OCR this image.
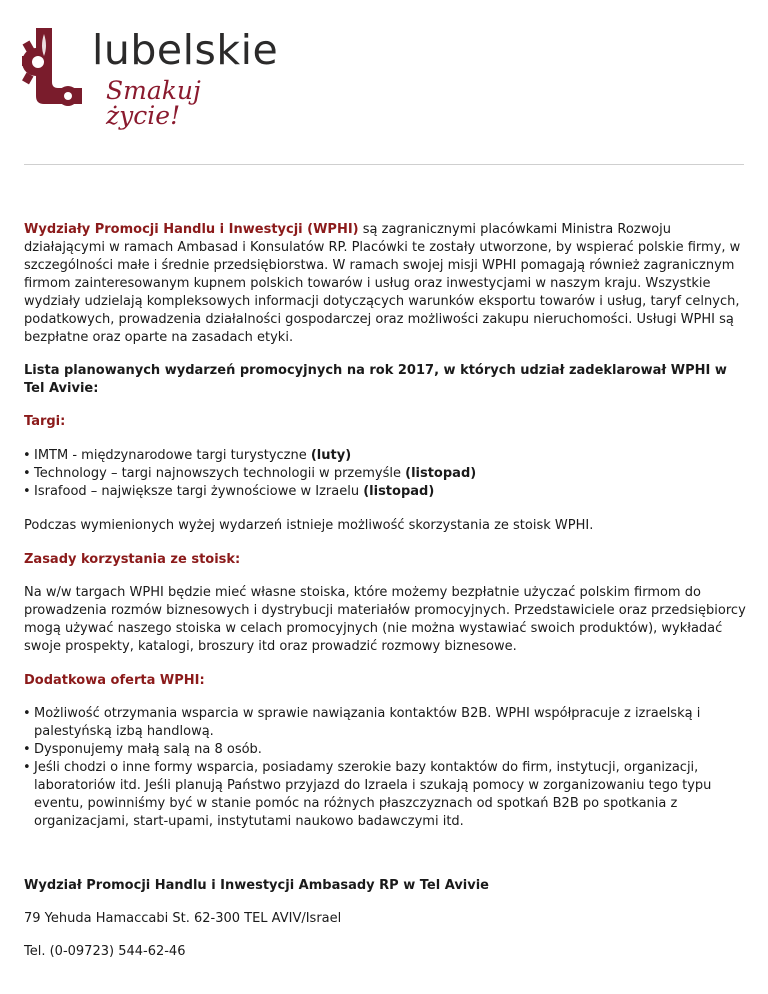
lubelskie
Smakuj życie!

Wydziały Promocji Handlu i Inwestycji (WPHI) są zagranicznymi placówkami Ministra Rozwoju działającymi w ramach Ambasad i Konsulatów RP. Placówki te zostały utworzone, by wspierać polskie firmy, w szczególności małe i średnie przedsiębiorstwa. W ramach swojej misji WPHI pomagają również zagranicznym firmom zainteresowanym kupnem polskich towarów i usług oraz inwestycjami w naszym kraju. Wszystkie wydziały udzielają kompleksowych informacji dotyczących warunków eksportu towarów i usług, taryf celnych, podatkowych, prowadzenia działalności gospodarczej oraz możliwości zakupu nieruchomości. Usługi WPHI są bezpłatne oraz oparte na zasadach etyki.

Lista planowanych wydarzeń promocyjnych na rok 2017, w których udział zadeklarował WPHI w Tel Avivie:

Targi:

• IMTM - międzynarodowe targi turystyczne (luty)
• Technology – targi najnowszych technologii w przemyśle (listopad)
• Israfood – największe targi żywnościowe w Izraelu (listopad)

Podczas wymienionych wyżej wydarzeń istnieje możliwość skorzystania ze stoisk WPHI.

Zasady korzystania ze stoisk:

Na w/w targach WPHI będzie mieć własne stoiska, które możemy bezpłatnie użyczać polskim firmom do prowadzenia rozmów biznesowych i dystrybucji materiałów promocyjnych. Przedstawiciele oraz przedsiębiorcy mogą używać naszego stoiska w celach promocyjnych (nie można wystawiać swoich produktów), wykładać swoje prospekty, katalogi, broszury itd oraz prowadzić rozmowy biznesowe.

Dodatkowa oferta WPHI:

• Możliwość otrzymania wsparcia w sprawie nawiązania kontaktów B2B. WPHI współpracuje z izraelską i palestyńską izbą handlową.
• Dysponujemy małą salą na 8 osób.
• Jeśli chodzi o inne formy wsparcia, posiadamy szerokie bazy kontaktów do firm, instytucji, organizacji, laboratoriów itd. Jeśli planują Państwo przyjazd do Izraela i szukają pomocy w zorganizowaniu tego typu eventu, powinniśmy być w stanie pomóc na różnych płaszczyznach od spotkań B2B po spotkania z organizacjami, start-upami, instytutami naukowo badawczymi itd.

Wydział Promocji Handlu i Inwestycji Ambasady RP w Tel Avivie

79 Yehuda Hamaccabi St. 62-300 TEL AVIV/Israel

Tel. (0-09723) 544-62-46
